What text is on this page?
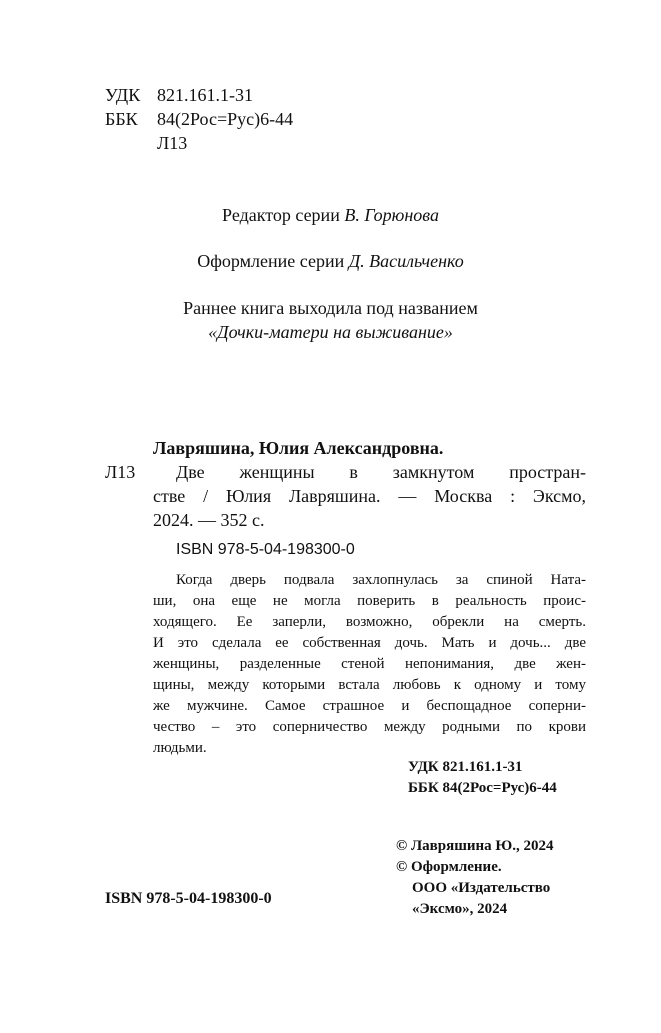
УДК 821.161.1-31
ББК 84(2Рос=Рус)6-44
Л13
Редактор серии В. Горюнова
Оформление серии Д. Васильченко
Раннее книга выходила под названием
«Дочки-матери на выживание»
Лавряшина, Юлия Александровна.
Л13 Две женщины в замкнутом простран-
стве / Юлия Лавряшина. — Москва : Эксмо,
2024. — 352 с.
ISBN 978-5-04-198300-0
Когда дверь подвала захлопнулась за спиной Ната-
ши, она еще не могла поверить в реальность проис-
ходящего. Ее заперли, возможно, обрекли на смерть.
И это сделала ее собственная дочь. Мать и дочь... две
женщины, разделенные стеной непонимания, две жен-
щины, между которыми встала любовь к одному и тому
же мужчине. Самое страшное и беспощадное соперни-
чество – это соперничество между родными по крови
людьми.
УДК 821.161.1-31
ББК 84(2Рос=Рус)6-44
© Лавряшина Ю., 2024
© Оформление.
ООО «Издательство
«Эксмо», 2024
ISBN 978-5-04-198300-0
